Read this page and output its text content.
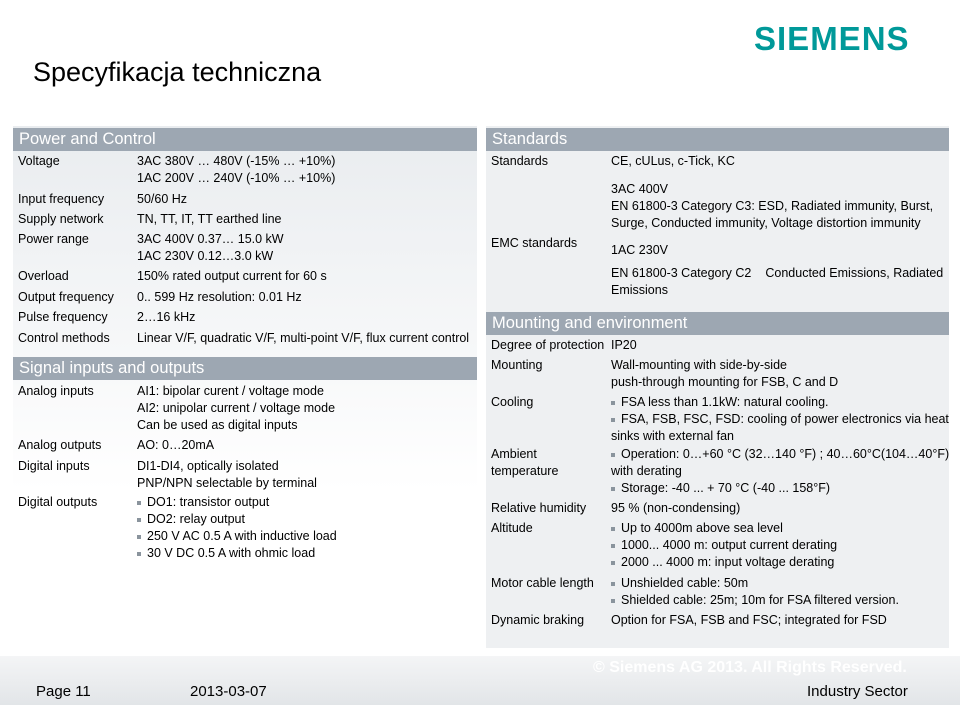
SIEMENS
Specyfikacja techniczna
Power and Control
Voltage	3AC 380V … 480V (-15% … +10%)
1AC 200V … 240V (-10% … +10%)
Input frequency	50/60 Hz
Supply network	TN, TT, IT, TT earthed line
Power range	3AC 400V 0.37… 15.0 kW
1AC 230V 0.12…3.0 kW
Overload	150% rated output current for 60 s
Output frequency 0.. 599 Hz resolution: 0.01 Hz
Pulse frequency 2…16 kHz
Control methods Linear V/F, quadratic V/F, multi-point V/F, flux current control
Signal inputs and outputs
Analog inputs	AI1: bipolar curent / voltage mode
AI2: unipolar current / voltage mode
Can be used as digital inputs
Analog outputs	AO: 0…20mA
Digital inputs	DI1-DI4, optically isolated
PNP/NPN selectable by terminal
Digital outputs	DO1: transistor output
DO2: relay output
250 V AC 0.5 A with inductive load
30 V DC 0.5 A with ohmic load
Standards
Standards	CE, cULus, c-Tick, KC
EMC standards
3AC 400V
EN 61800-3 Category C3: ESD, Radiated immunity, Burst,
Surge, Conducted immunity, Voltage distortion immunity
1AC 230V
EN 61800-3 Category C2 Conducted Emissions, Radiated
Emissions
Mounting and environment
Degree of protection IP20
Mounting	Wall-mounting with side-by-side
push-through mounting for FSB, C and D
Cooling	FSA less than 1.1kW: natural cooling.
FSA, FSB, FSC, FSD: cooling of power electronics via heat
sinks with external fan
Ambient
temperature
Operation: 0…+60 °C (32…140 °F) ; 40…60°C(104…40°F)
with derating
Storage: -40 ... + 70 °C (-40 ... 158°F)
Relative humidity 95 % (non-condensing)
Altitude	Up to 4000m above sea level
1000... 4000 m: output current derating
2000 ... 4000 m: input voltage derating
Motor cable length	Unshielded cable: 50m
Shielded cable: 25m; 10m for FSA filtered version.
Dynamic braking Option for FSA, FSB and FSC; integrated for FSD
© Siemens AG 2013. All Rights Reserved.
Page 11	2013-03-07	Industry Sector
